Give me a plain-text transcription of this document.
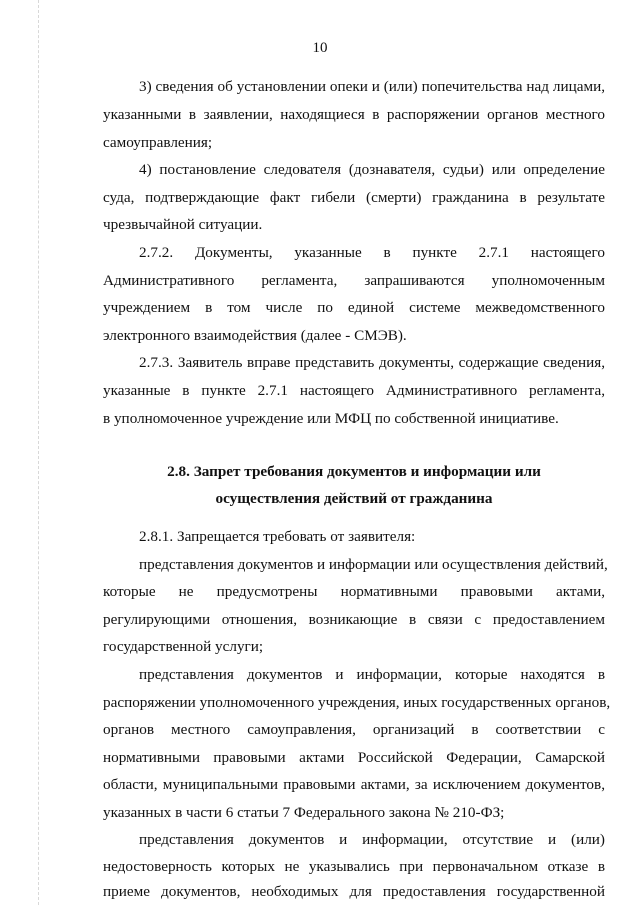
10
3) сведения об установлении опеки и (или) попечительства над лицами,
указанными в заявлении, находящиеся в распоряжении органов местного
самоуправления;
4) постановление следователя (дознавателя, судьи) или определение
суда, подтверждающие факт гибели (смерти) гражданина в результате
чрезвычайной ситуации.
2.7.2. Документы, указанные в пункте 2.7.1 настоящего
Административного регламента, запрашиваются уполномоченным
учреждением в том числе по единой системе межведомственного
электронного взаимодействия (далее - СМЭВ).
2.7.3. Заявитель вправе представить документы, содержащие сведения,
указанные в пункте 2.7.1 настоящего Административного регламента,
в уполномоченное учреждение или МФЦ по собственной инициативе.
2.8. Запрет требования документов и информации или
осуществления действий от гражданина
2.8.1. Запрещается требовать от заявителя:
представления документов и информации или осуществления действий,
которые не предусмотрены нормативными правовыми актами,
регулирующими отношения, возникающие в связи с предоставлением
государственной услуги;
представления документов и информации, которые находятся в
распоряжении уполномоченного учреждения, иных государственных органов,
органов местного самоуправления, организаций в соответствии с
нормативными правовыми актами Российской Федерации, Самарской
области, муниципальными правовыми актами, за исключением документов,
указанных в части 6 статьи 7 Федерального закона № 210-ФЗ;
представления документов и информации, отсутствие и (или)
недостоверность которых не указывались при первоначальном отказе в
приеме документов, необходимых для предоставления государственной
